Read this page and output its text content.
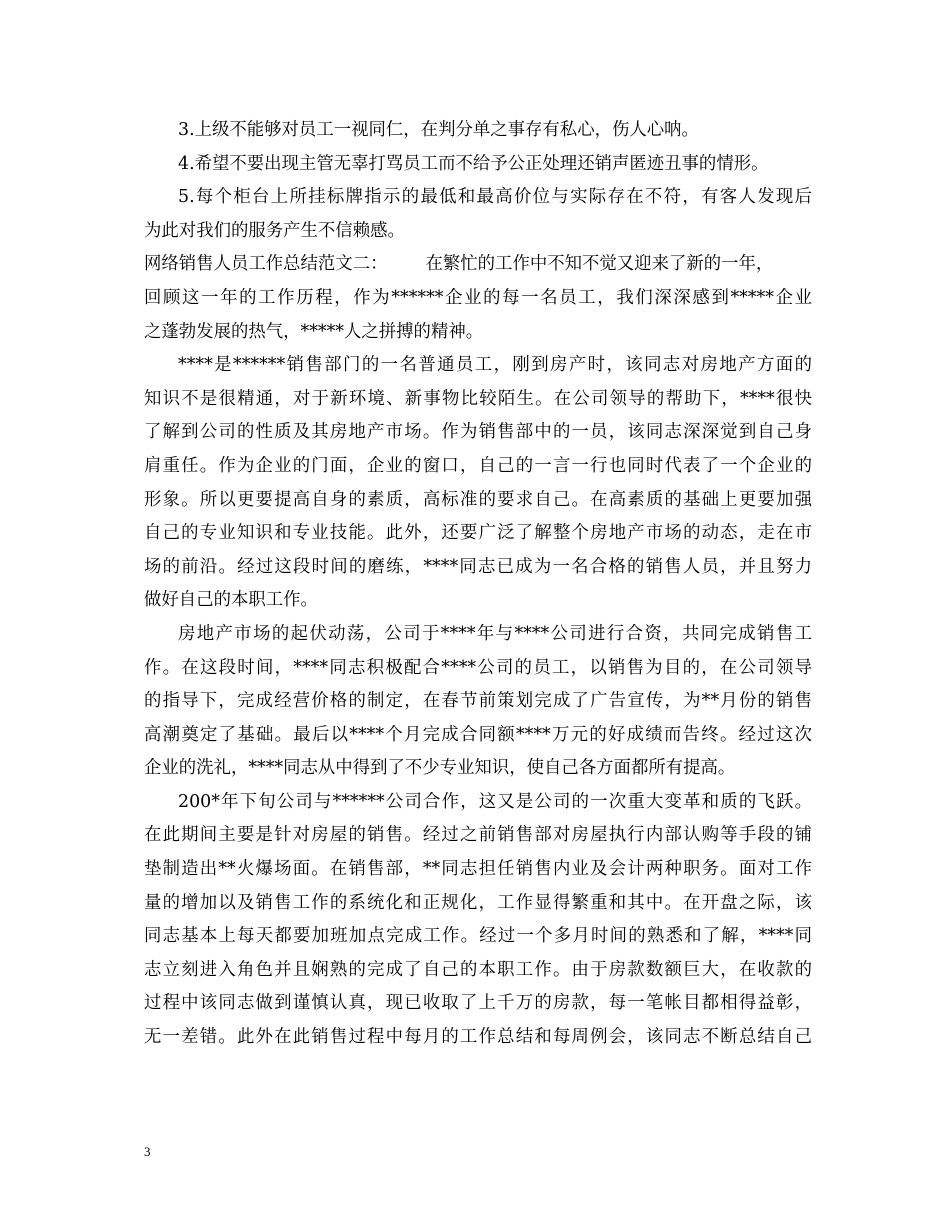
3.上级不能够对员工一视同仁，在判分单之事存有私心，伤人心呐。
4.希望不要出现主管无辜打骂员工而不给予公正处理还销声匿迹丑事的情形。
5.每个柜台上所挂标牌指示的最低和最高价位与实际存在不符，有客人发现后
为此对我们的服务产生不信赖感。
网络销售人员工作总结范文二： 在繁忙的工作中不知不觉又迎来了新的一年，
回顾这一年的工作历程，作为******企业的每一名员工，我们深深感到*****企业
之蓬勃发展的热气，*****人之拼搏的精神。
****是******销售部门的一名普通员工，刚到房产时，该同志对房地产方面的
知识不是很精通，对于新环境、新事物比较陌生。在公司领导的帮助下，****很快
了解到公司的性质及其房地产市场。作为销售部中的一员，该同志深深觉到自己身
肩重任。作为企业的门面，企业的窗口，自己的一言一行也同时代表了一个企业的
形象。所以更要提高自身的素质，高标准的要求自己。在高素质的基础上更要加强
自己的专业知识和专业技能。此外，还要广泛了解整个房地产市场的动态，走在市
场的前沿。经过这段时间的磨练，****同志已成为一名合格的销售人员，并且努力
做好自己的本职工作。
房地产市场的起伏动荡，公司于****年与****公司进行合资，共同完成销售工
作。在这段时间，****同志积极配合****公司的员工，以销售为目的，在公司领导
的指导下，完成经营价格的制定，在春节前策划完成了广告宣传，为**月份的销售
高潮奠定了基础。最后以****个月完成合同额****万元的好成绩而告终。经过这次
企业的洗礼，****同志从中得到了不少专业知识，使自己各方面都所有提高。
200*年下旬公司与******公司合作，这又是公司的一次重大变革和质的飞跃。
在此期间主要是针对房屋的销售。经过之前销售部对房屋执行内部认购等手段的铺
垫制造出**火爆场面。在销售部，**同志担任销售内业及会计两种职务。面对工作
量的增加以及销售工作的系统化和正规化，工作显得繁重和其中。在开盘之际，该
同志基本上每天都要加班加点完成工作。经过一个多月时间的熟悉和了解，****同
志立刻进入角色并且娴熟的完成了自己的本职工作。由于房款数额巨大，在收款的
过程中该同志做到谨慎认真，现已收取了上千万的房款，每一笔帐目都相得益彰，
无一差错。此外在此销售过程中每月的工作总结和每周例会，该同志不断总结自己
3
